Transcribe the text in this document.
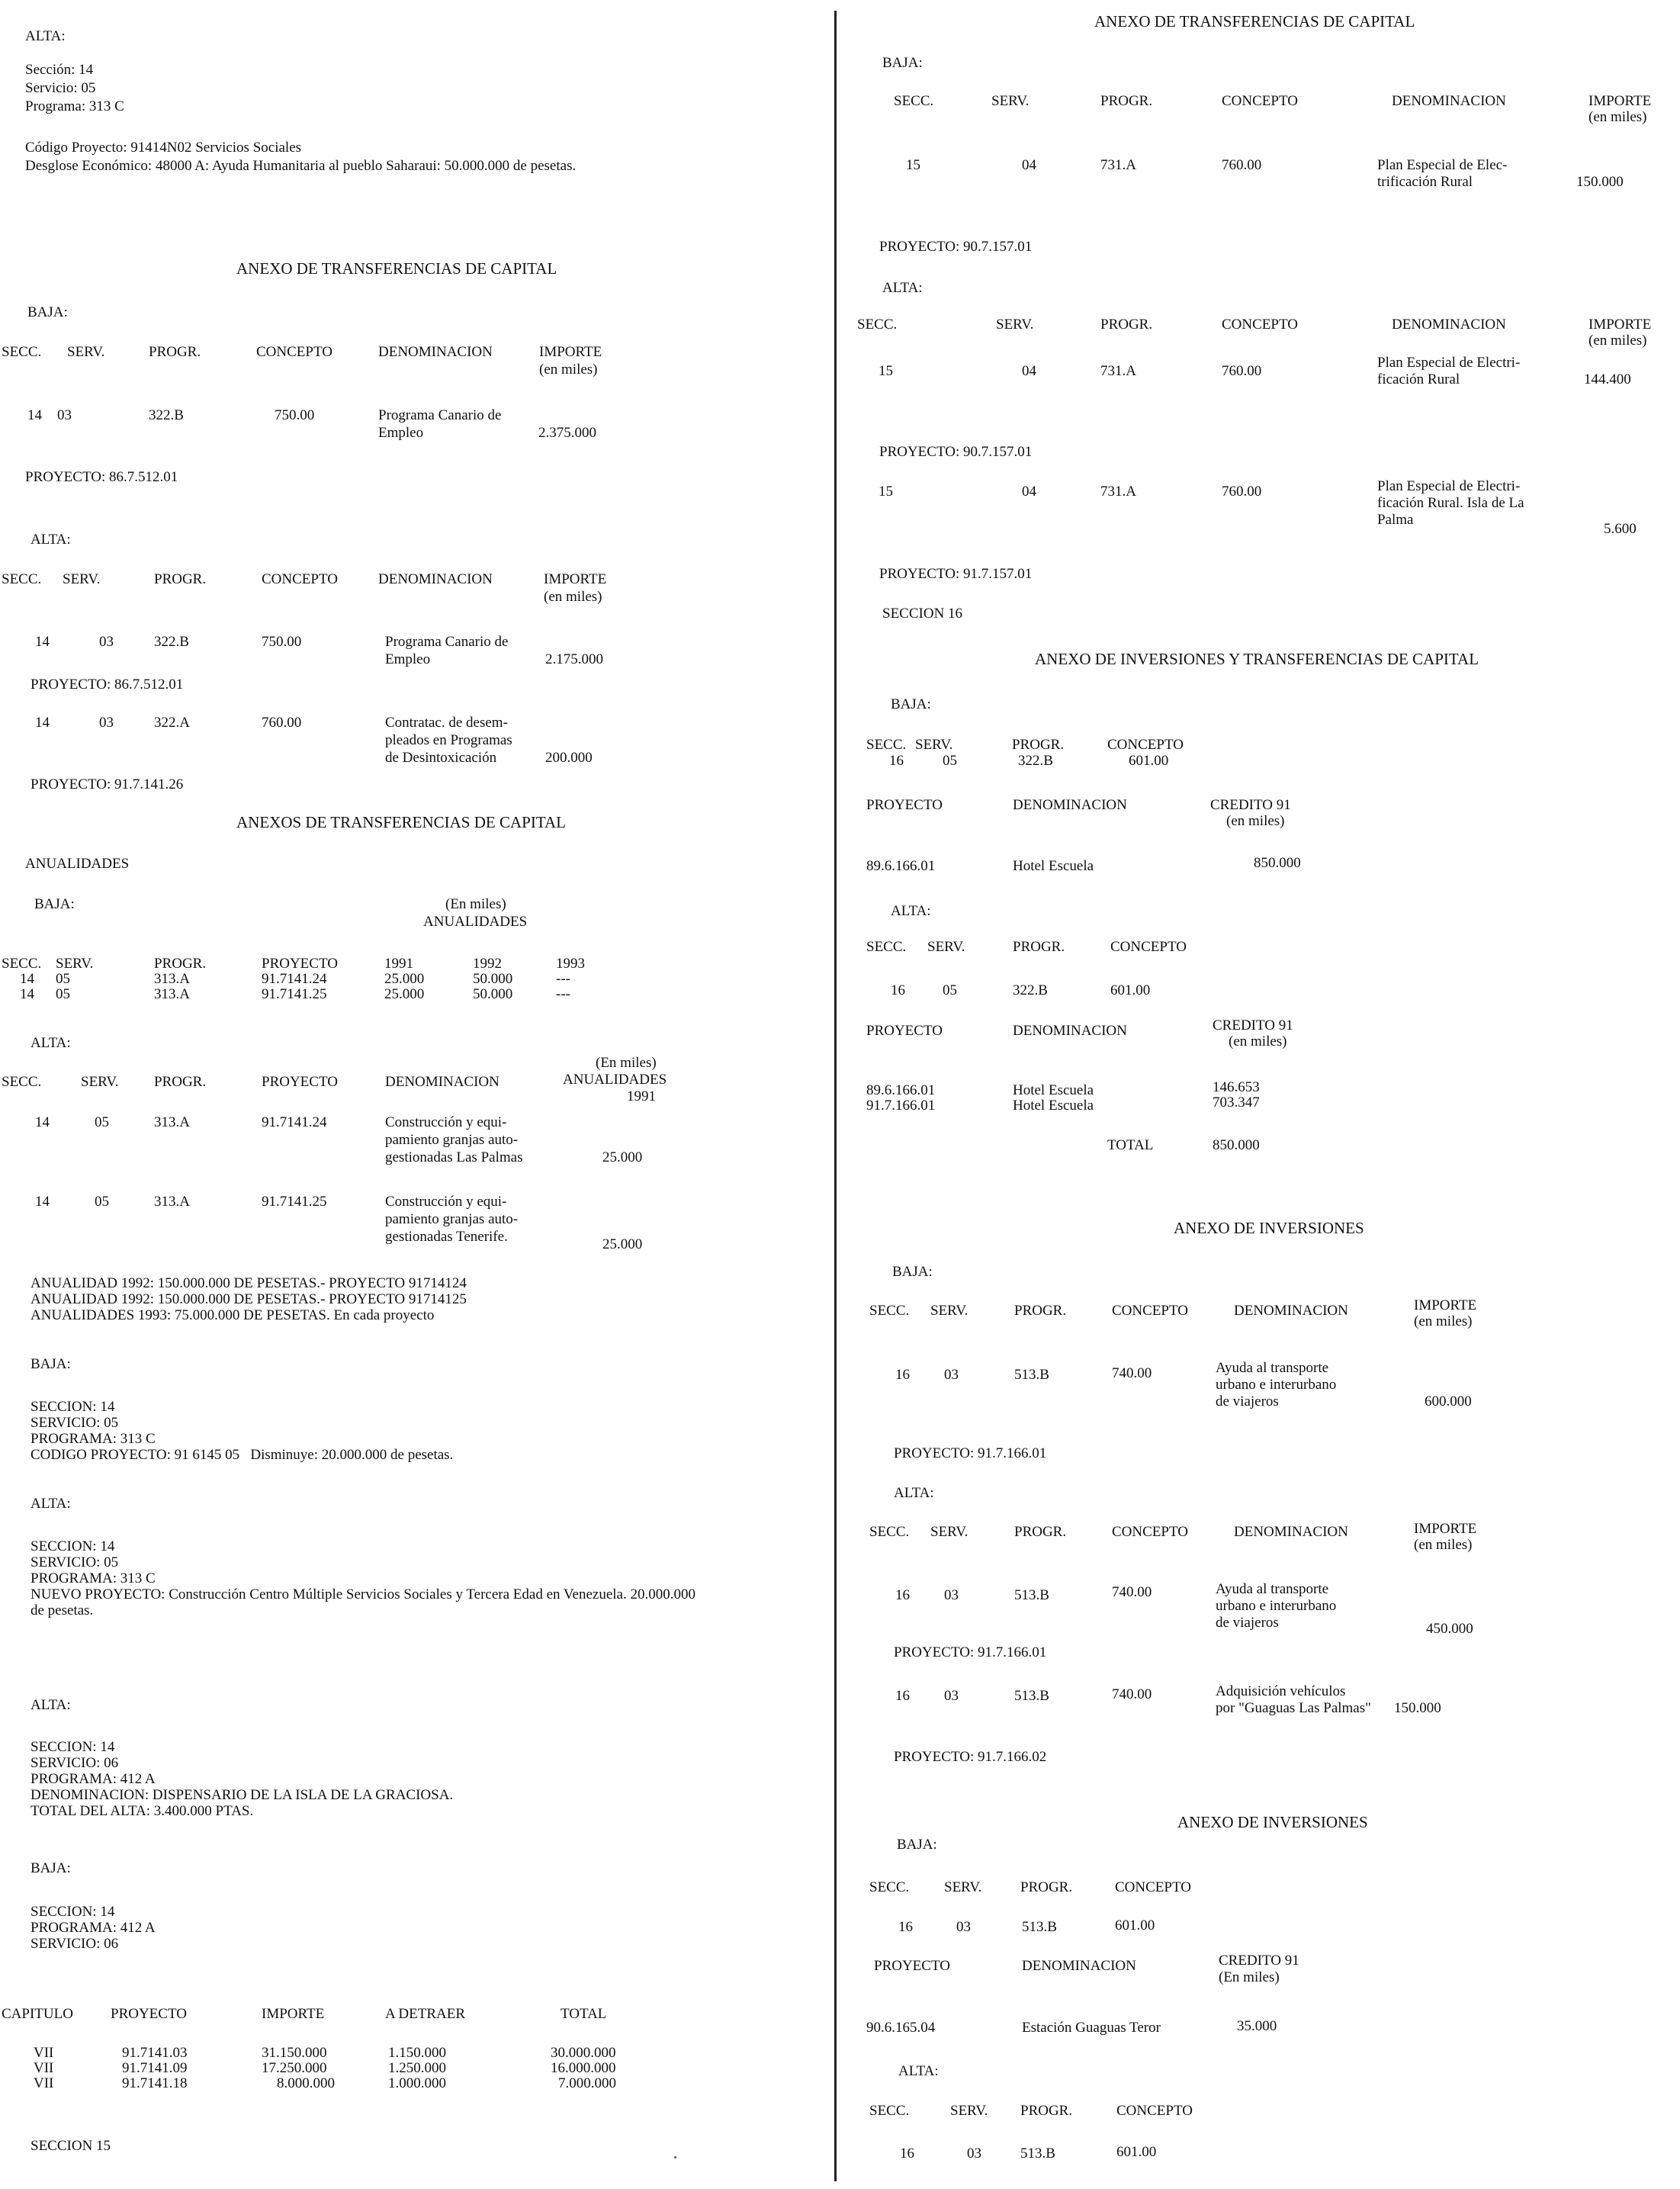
ALTA:
Sección: 14
Servicio: 05
Programa: 313 C
Código Proyecto: 91414N02 Servicios Sociales
Desglose Económico: 48000 A: Ayuda Humanitaria al pueblo Saharaui: 50.000.000 de pesetas.
ANEXO DE TRANSFERENCIAS DE CAPITAL
BAJA:
SECC. SERV.	PROGR.	CONCEPTO	DENOMINACION	IMPORTE
(en miles)
14 03	322.B	750.00	Programa Canario de
Empleo	2.375.000
PROYECTO: 86.7.512.01
ALTA:
SECC. SERV.	PROGR.	CONCEPTO	DENOMINACION	IMPORTE
(en miles)
14	03	322.B	750.00	Programa Canario de
Empleo	2.175.000
PROYECTO: 86.7.512.01
14	03	322.A	760.00	Contratac. de desem-
pleados en Programas
de Desintoxicación	200.000
PROYECTO: 91.7.141.26
ANEXOS DE TRANSFERENCIAS DE CAPITAL
ANUALIDADES
BAJA:	(En miles)
ANUALIDADES
SECC. SERV.	PROGR.	PROYECTO	1991	1992	1993
14 05	313.A	91.7141.24	25.000	50.000	---
14 05	313.A	91.7141.25	25.000	50.000	---
ALTA:
(En miles)
ANUALIDADES
1991
SECC.	SERV. PROGR.	PROYECTO	DENOMINACION
14	05	313.A	91.7141.24	Construcción y equi-
pamiento granjas auto-
gestionadas Las Palmas	25.000
14	05	313.A	91.7141.25	Construcción y equi-
pamiento granjas auto-
gestionadas Tenerife.	25.000
ANUALIDAD 1992: 150.000.000 DE PESETAS.- PROYECTO 91714124
ANUALIDAD 1992: 150.000.000 DE PESETAS.- PROYECTO 91714125
ANUALIDADES 1993: 75.000.000 DE PESETAS. En cada proyecto
BAJA:
SECCION: 14
SERVICIO: 05
PROGRAMA: 313 C
CODIGO PROYECTO: 91 6145 05   Disminuye: 20.000.000 de pesetas.
ALTA:
SECCION: 14
SERVICIO: 05
PROGRAMA: 313 C
NUEVO PROYECTO: Construcción Centro Múltiple Servicios Sociales y Tercera Edad en Venezuela. 20.000.000
de pesetas.
ALTA:
SECCION: 14
SERVICIO: 06
PROGRAMA: 412 A
DENOMINACION: DISPENSARIO DE LA ISLA DE LA GRACIOSA.
TOTAL DEL ALTA: 3.400.000 PTAS.
BAJA:
SECCION: 14
PROGRAMA: 412 A
SERVICIO: 06
CAPITULO	PROYECTO	IMPORTE	A DETRAER	TOTAL
VII	91.7141.03	31.150.000	1.150.000	30.000.000
VII	91.7141.09	17.250.000	1.250.000	16.000.000
VII	91.7141.18	8.000.000	1.000.000	7.000.000
SECCION 15
ANEXO DE TRANSFERENCIAS DE CAPITAL
BAJA:
SECC.	SERV.	PROGR.	CONCEPTO	DENOMINACION	IMPORTE
(en miles)
15	04	731.A	760.00	Plan Especial de Elec-
trificación Rural	150.000
PROYECTO: 90.7.157.01
ALTA:
SECC.	SERV.	PROGR.	CONCEPTO	DENOMINACION	IMPORTE
(en miles)
15	04	731.A	760.00
Plan Especial de Electri-
ficación Rural	144.400
PROYECTO: 90.7.157.01
15	04	731.A	760.00	Plan Especial de Electri-
ficación Rural. Isla de La
Palma
5.600
PROYECTO: 91.7.157.01
SECCION 16
ANEXO DE INVERSIONES Y TRANSFERENCIAS DE CAPITAL
BAJA:
SECC. SERV.	PROGR.	CONCEPTO
16	05	322.B	601.00
PROYECTO	DENOMINACION	CREDITO 91
(en miles)
89.6.166.01	Hotel Escuela	850.000
ALTA:
SECC. SERV.	PROGR.	CONCEPTO
16	05	322.B	601.00
PROYECTO	DENOMINACION	CREDITO 91
(en miles)
89.6.166.01	Hotel Escuela	146.653
91.7.166.01	Hotel Escuela	703.347
TOTAL	850.000
ANEXO DE INVERSIONES
BAJA:
SECC. SERV.	PROGR.	CONCEPTO	DENOMINACION	IMPORTE
(en miles)
16 03	513.B	740.00	Ayuda al transporte
urbano e interurbano
de viajeros	600.000
PROYECTO: 91.7.166.01
ALTA:
SECC. SERV.	PROGR.	CONCEPTO	DENOMINACION	IMPORTE
(en miles)
16 03	513.B	740.00	Ayuda al transporte
urbano e interurbano
de viajeros	450.000
PROYECTO: 91.7.166.01
16 03	513.B	740.00	Adquisición vehículos
por "Guaguas Las Palmas" 150.000
PROYECTO: 91.7.166.02
ANEXO DE INVERSIONES
BAJA:
SECC. SERV.	PROGR.	CONCEPTO
16	03	513.B	601.00
PROYECTO	DENOMINACION	CREDITO 91
(En miles)
90.6.165.04	Estación Guaguas Teror	35.000
ALTA:
SECC.	SERV. PROGR.	CONCEPTO
16	03	513.B	601.00
